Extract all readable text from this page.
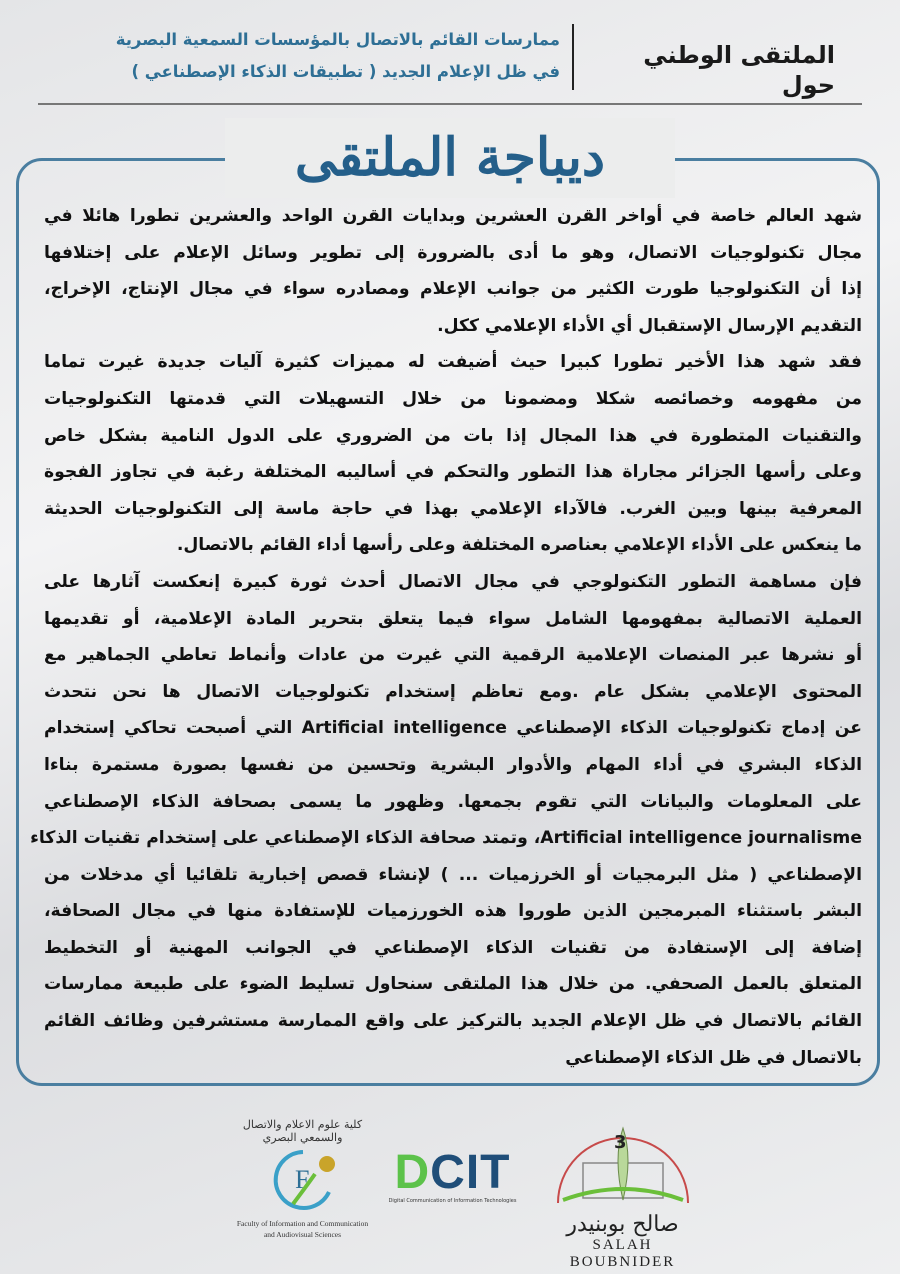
الملتقى الوطني حول
ممارسات القائم بالاتصال بالمؤسسات السمعية البصرية
في ظل الإعلام الجديد ( تطبيقات الذكاء الإصطناعي )
ديباجة الملتقى
شهد العالم خاصة في أواخر القرن العشرين وبدايات القرن الواحد والعشرين تطورا هائلا في
مجال تكنولوجيات الاتصال، وهو ما أدى بالضرورة إلى تطوير وسائل الإعلام على إختلافها
إذا أن التكنولوجيا طورت الكثير من جوانب الإعلام ومصادره سواء في مجال الإنتاج، الإخراج،
التقديم الإرسال الإستقبال أي الأداء الإعلامي ككل.
فقد شهد هذا الأخير تطورا كبيرا حيث أضيفت له مميزات كثيرة آليات جديدة غيرت تماما
من مفهومه وخصائصه شكلا ومضمونا من خلال التسهيلات التي قدمتها التكنولوجيات
والتقنيات المتطورة في هذا المجال إذا بات من الضروري على الدول النامية بشكل خاص
وعلى رأسها الجزائر مجاراة هذا التطور والتحكم في أساليبه المختلفة رغبة في تجاوز الفجوة
المعرفية بينها وبين الغرب. فالآداء الإعلامي بهذا في حاجة ماسة إلى التكنولوجيات الحديثة
ما ينعكس على الأداء الإعلامي بعناصره المختلفة وعلى رأسها أداء القائم بالاتصال.
فإن مساهمة التطور التكنولوجي في مجال الاتصال أحدث ثورة كبيرة إنعكست آثارها على
العملية الاتصالية بمفهومها الشامل سواء فيما يتعلق بتحرير المادة الإعلامية، أو تقديمها
أو نشرها عبر المنصات الإعلامية الرقمية التي غيرت من عادات وأنماط تعاطي الجماهير مع
المحتوى الإعلامي بشكل عام .ومع تعاظم إستخدام تكنولوجيات الاتصال ها نحن نتحدث
عن إدماج تكنولوجيات الذكاء الإصطناعي Artificial intelligence التي أصبحت تحاكي إستخدام
الذكاء البشري في أداء المهام والأدوار البشرية وتحسين من نفسها بصورة مستمرة بناءا
على المعلومات والبيانات التي تقوم بجمعها. وظهور ما يسمى بصحافة الذكاء الإصطناعي
Artificial intelligence journalisme، وتمتد صحافة الذكاء الإصطناعي على إستخدام تقنيات الذكاء
الإصطناعي ( مثل البرمجيات أو الخرزميات ... ) لإنشاء قصص إخبارية تلقائيا أي مدخلات من
البشر باستثناء المبرمجين الذين طوروا هذه الخورزميات للإستفادة منها في مجال الصحافة،
إضافة إلى الإستفادة من تقنيات الذكاء الإصطناعي في الجوانب المهنية أو التخطيط
المتعلق بالعمل الصحفي. من خلال هذا الملتقى سنحاول تسليط الضوء على طبيعة ممارسات
القائم بالاتصال في ظل الإعلام الجديد بالتركيز على واقع الممارسة مستشرفين وظائف القائم
بالاتصال في ظل الذكاء الإصطناعي
كلية علوم الاعلام والاتصال
والسمعي البصري
F
Faculty of Information and Communication
and Audiovisual Sciences
DCIT
Digital Communication of Information Technologies
3
صالح بوبنيدر
SALAH BOUBNIDER
